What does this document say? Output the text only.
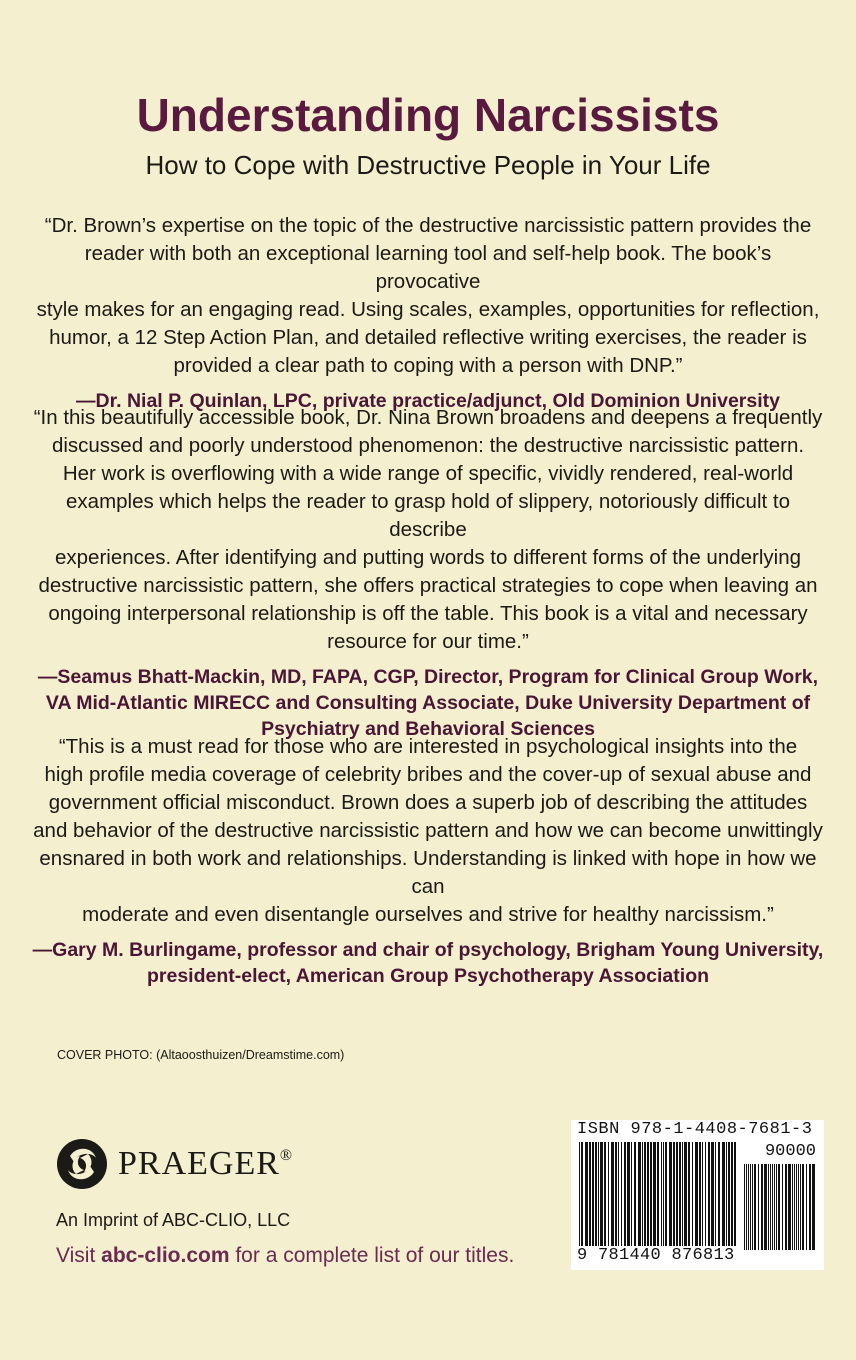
Understanding Narcissists
How to Cope with Destructive People in Your Life

“Dr. Brown’s expertise on the topic of the destructive narcissistic pattern provides the
reader with both an exceptional learning tool and self-help book. The book’s provocative
style makes for an engaging read. Using scales, examples, opportunities for reflection,
humor, a 12 Step Action Plan, and detailed reflective writing exercises, the reader is
provided a clear path to coping with a person with DNP.”

—Dr. Nial P. Quinlan, LPC, private practice/adjunct, Old Dominion University

“In this beautifully accessible book, Dr. Nina Brown broadens and deepens a frequently
discussed and poorly understood phenomenon: the destructive narcissistic pattern.
Her work is overflowing with a wide range of specific, vividly rendered, real-world
examples which helps the reader to grasp hold of slippery, notoriously difficult to describe
experiences. After identifying and putting words to different forms of the underlying
destructive narcissistic pattern, she offers practical strategies to cope when leaving an
ongoing interpersonal relationship is off the table. This book is a vital and necessary
resource for our time.”

—Seamus Bhatt-Mackin, MD, FAPA, CGP, Director, Program for Clinical Group Work,
VA Mid-Atlantic MIRECC and Consulting Associate, Duke University Department of
Psychiatry and Behavioral Sciences

“This is a must read for those who are interested in psychological insights into the
high profile media coverage of celebrity bribes and the cover-up of sexual abuse and
government official misconduct. Brown does a superb job of describing the attitudes
and behavior of the destructive narcissistic pattern and how we can become unwittingly
ensnared in both work and relationships. Understanding is linked with hope in how we can
moderate and even disentangle ourselves and strive for healthy narcissism.”

—Gary M. Burlingame, professor and chair of psychology, Brigham Young University,
president-elect, American Group Psychotherapy Association

COVER PHOTO: (Altaoosthuizen/Dreamstime.com)
PRAEGER®
An Imprint of ABC-CLIO, LLC
Visit abc-clio.com for a complete list of our titles.
ISBN 978-1-4408-7681-3
90000
9 781440 876813
